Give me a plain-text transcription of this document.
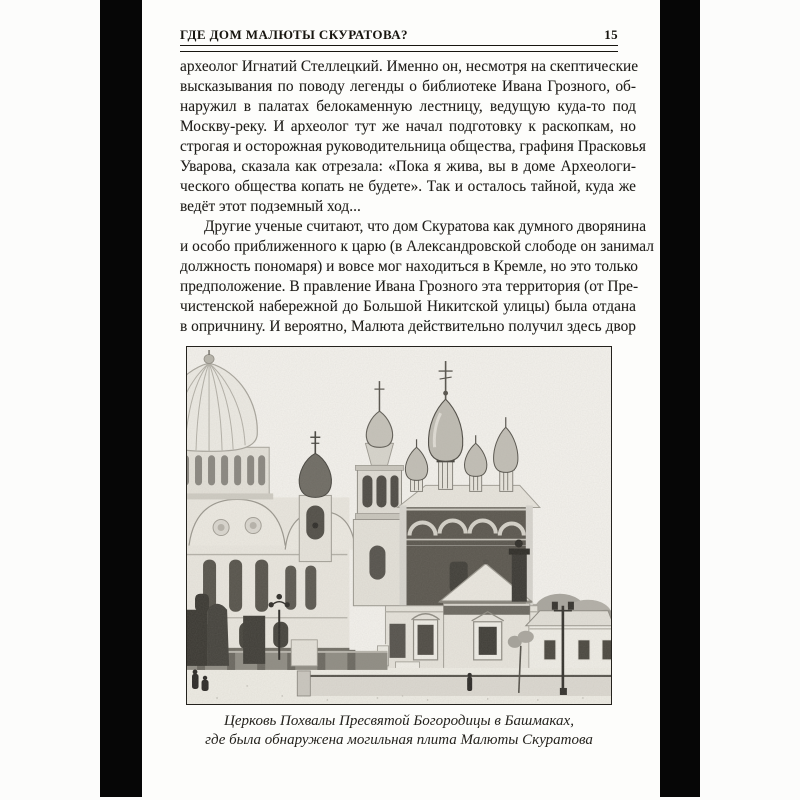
ГДЕ ДОМ МАЛЮТЫ СКУРАТОВА?	15
археолог Игнатий Стеллецкий. Именно он, несмотря на скептические
высказывания по поводу легенды о библиотеке Ивана Грозного, об-
наружил в палатах белокаменную лестницу, ведущую куда-то под
Москву-реку. И археолог тут же начал подготовку к раскопкам, но
строгая и осторожная руководительница общества, графиня Прасковья
Уварова, сказала как отрезала: «Пока я жива, вы в доме Археологи-
ческого общества копать не будете». Так и осталось тайной, куда же
ведёт этот подземный ход...
Другие ученые считают, что дом Скуратова как думного дворянина
и особо приближенного к царю (в Александровской слободе он занимал
должность пономаря) и вовсе мог находиться в Кремле, но это только
предположение. В правление Ивана Грозного эта территория (от Пре-
чистенской набережной до Большой Никитской улицы) была отдана
в опричнину. И вероятно, Малюта действительно получил здесь двор
Церковь Похвалы Пресвятой Богородицы в Башмаках,
где была обнаружена могильная плита Малюты Скуратова
